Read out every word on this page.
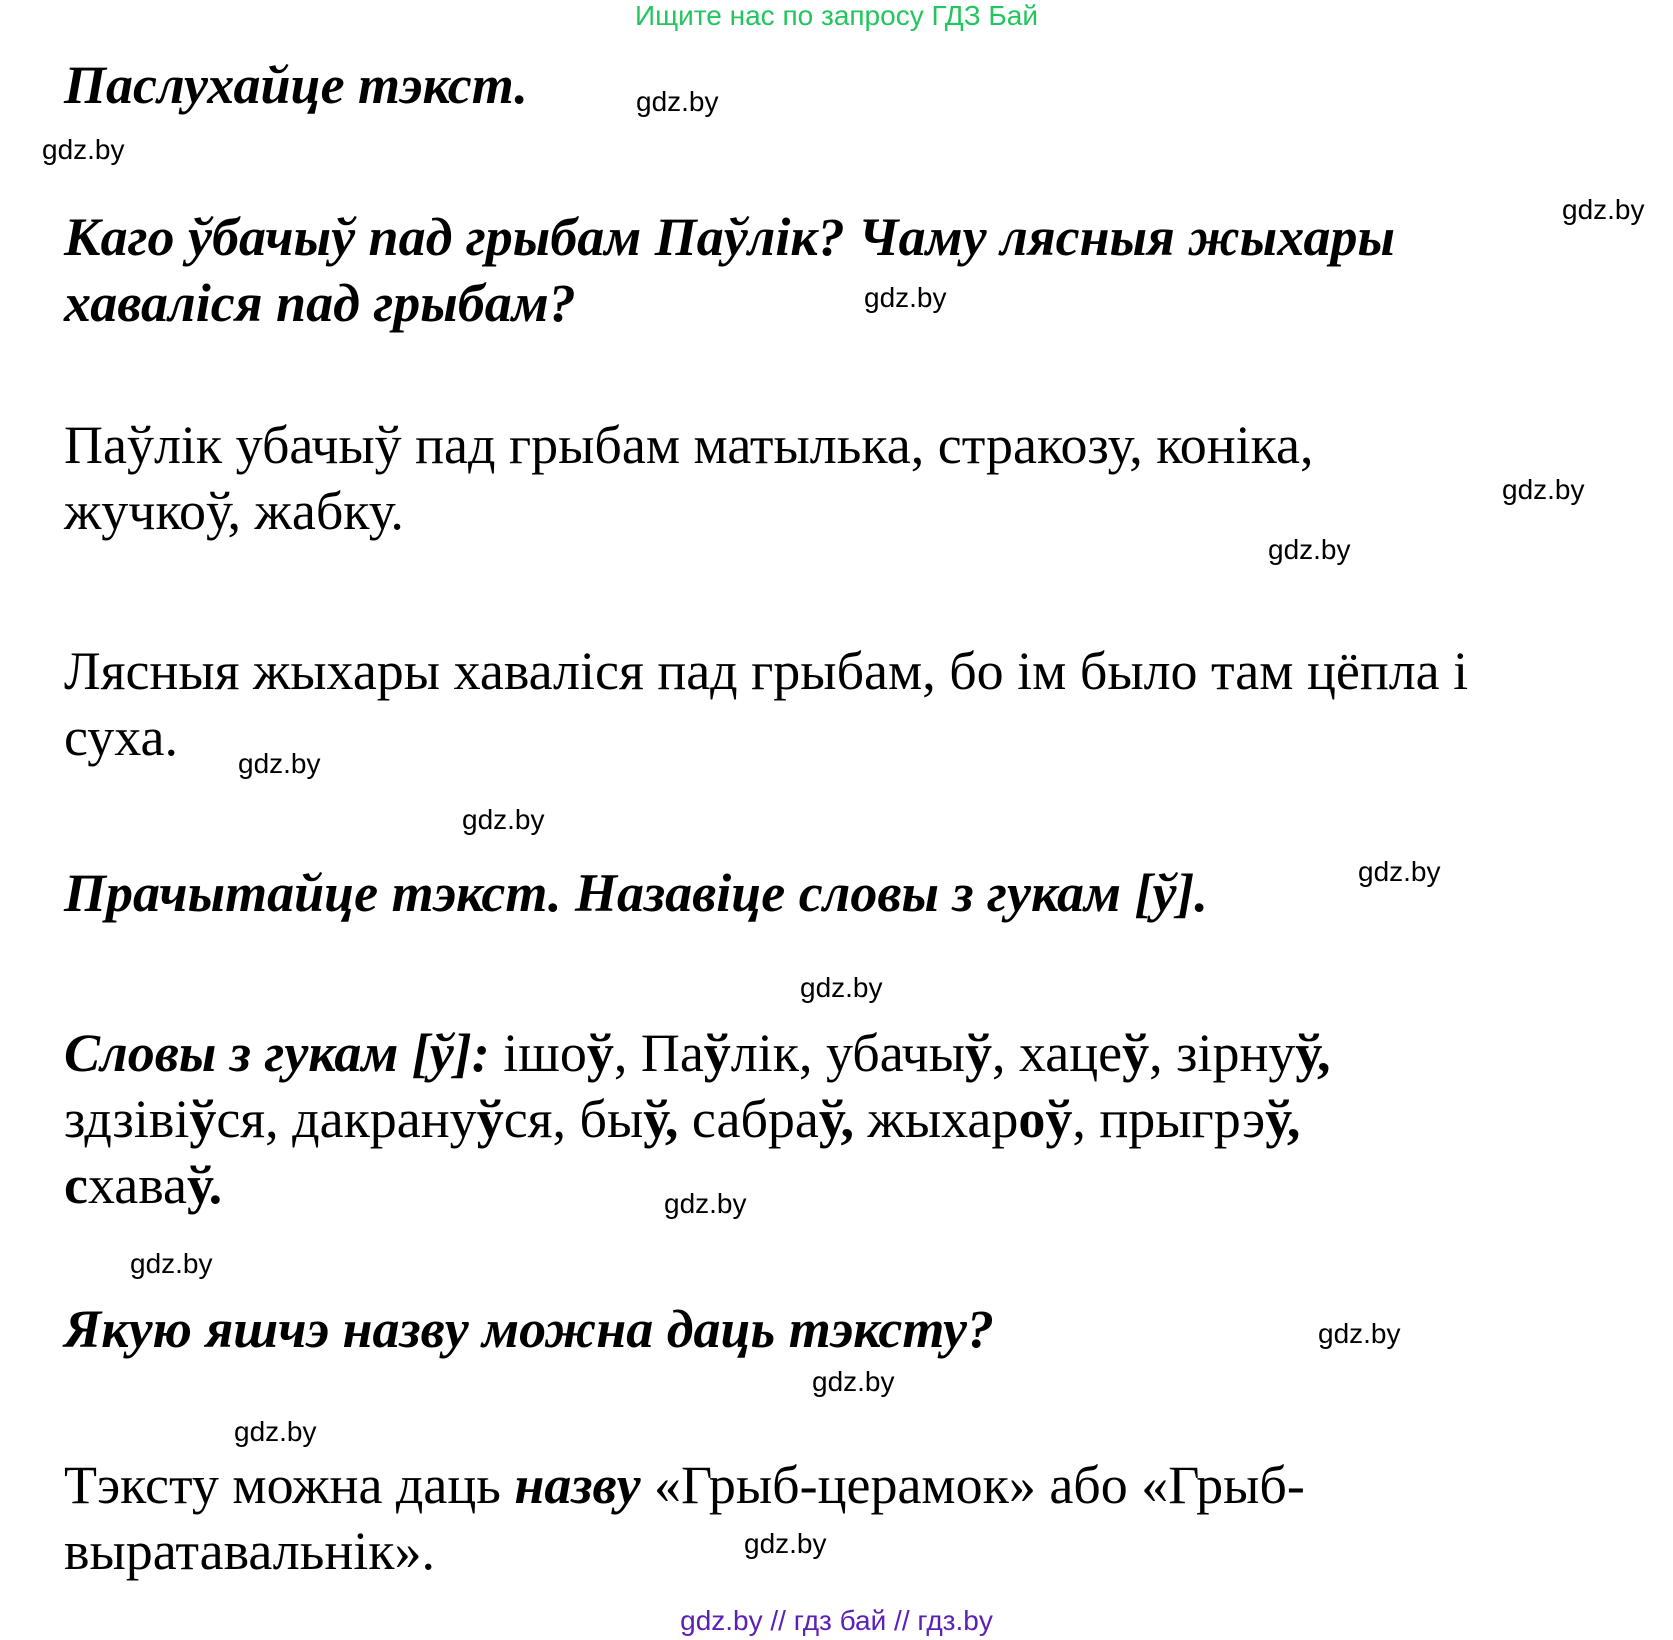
Ищите нас по запросу ГДЗ Бай
Паслухайце тэкст.
Каго ўбачыў пад грыбам Паўлік? Чаму лясныя жыхары
хаваліся пад грыбам?
Паўлік убачыў пад грыбам матылька, стракозу, коніка,
жучкоў, жабку.
Лясныя жыхары хаваліся пад грыбам, бо ім было там цёпла і
суха.
Прачытайце тэкст. Назавіце словы з гукам [ў].
Словы з гукам [ў]: ішоў, Паўлік, убачыў, хацеў, зірнуў,
здзівіўся, дакрануўся, быў, сабраў, жыхароў, прыгрэў,
схаваў.
Якую яшчэ назву можна даць тэксту?
Тэксту можна даць назву «Грыб-церамок» або «Грыб-
выратавальнік».
gdz.by
gdz.by
gdz.by
gdz.by
gdz.by
gdz.by
gdz.by
gdz.by
gdz.by
gdz.by
gdz.by
gdz.by
gdz.by
gdz.by
gdz.by
gdz.by
gdz.by // гдз бай // гдз.by
